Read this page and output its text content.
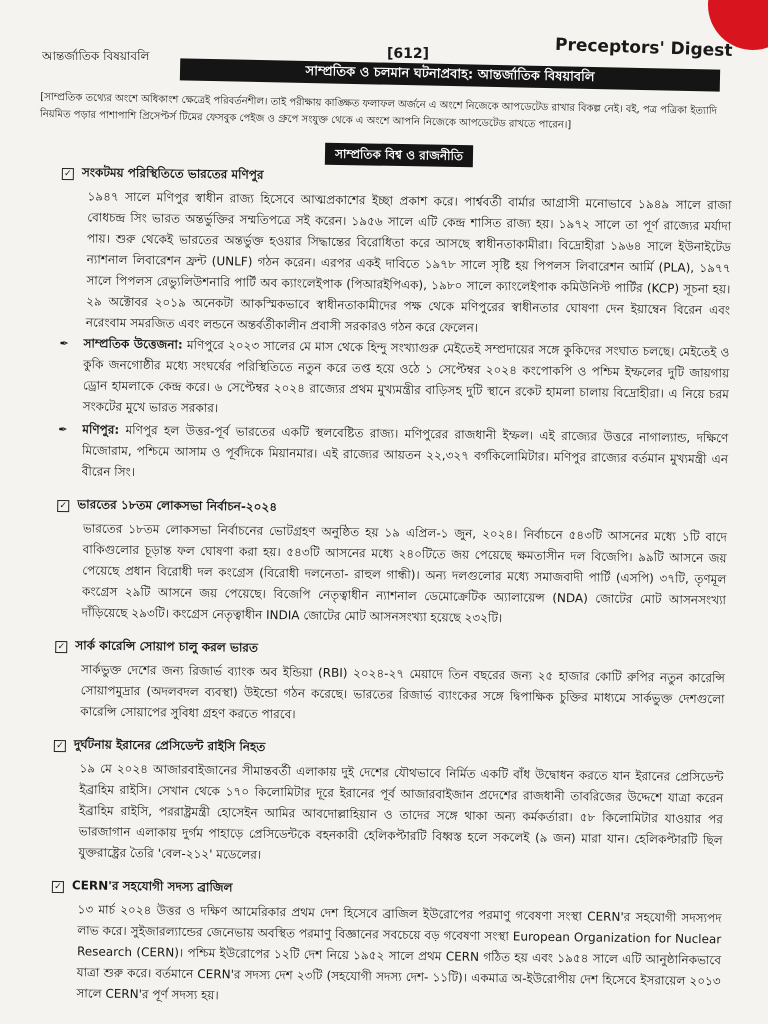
আন্তর্জাতিক বিষয়াবলি	[612]	Preceptors' Digest
সাম্প্রতিক ও চলমান ঘটনাপ্রবাহ: আন্তর্জাতিক বিষয়াবলি
[সাম্প্রতিক তথ্যের অংশে অধিকাংশ ক্ষেত্রেই পরিবর্তনশীল। তাই পরীক্ষায় কাঙ্ক্ষিত ফলাফল অর্জনে এ অংশে নিজেকে আপডেটেড রাখার বিকল্প নেই। বই, পত্র পত্রিকা ইত্যাদি নিয়মিত পড়ার পাশাপাশি প্রিসেপ্টর্স টিমের ফেসবুক পেইজ ও গ্রুপে সংযুক্ত থেকে এ অংশে আপনি নিজেকে আপডেটেড রাখতে পারেন।]
সাম্প্রতিক বিশ্ব ও রাজনীতি
✓ সংকটময় পরিস্থিতিতে ভারতের মণিপুর
১৯৪৭ সালে মণিপুর স্বাধীন রাজ্য হিসেবে আত্মপ্রকাশের ইচ্ছা প্রকাশ করে। পার্শ্ববর্তী বার্মার আগ্রাসী মনোভাবে ১৯৪৯ সালে রাজা বোধচন্দ্র সিং ভারত অন্তর্ভুক্তির সম্মতিপত্রে সই করেন। ১৯৫৬ সালে এটি কেন্দ্র শাসিত রাজ্য হয়। ১৯৭২ সালে তা পূর্ণ রাজ্যের মর্যাদা পায়। শুরু থেকেই ভারতের অন্তর্ভুক্ত হওয়ার সিদ্ধান্তের বিরোধিতা করে আসছে স্বাধীনতাকামীরা। বিদ্রোহীরা ১৯৬৪ সালে ইউনাইটেড ন্যাশনাল লিবারেশন ফ্রন্ট (UNLF) গঠন করেন। এরপর একই দাবিতে ১৯৭৮ সালে সৃষ্টি হয় পিপলস লিবারেশন আর্মি (PLA), ১৯৭৭ সালে পিপলস রেভ্যুলিউশনারি পার্টি অব ক্যাংলেইপাক (পিআরইপিএক), ১৯৮০ সালে ক্যাংলেইপাক কমিউনিস্ট পার্টির (KCP) সূচনা হয়। ২৯ অক্টোবর ২০১৯ অনেকটা আকস্মিকভাবে স্বাধীনতাকামীদের পক্ষ থেকে মণিপুরের স্বাধীনতার ঘোষণা দেন ইয়াম্বেন বিরেন এবং নরেংবাম সমরজিত এবং লন্ডনে অন্তর্বর্তীকালীন প্রবাসী সরকারও গঠন করে ফেলেন।
✒	সাম্প্রতিক উত্তেজনা: মণিপুরে ২০২৩ সালের মে মাস থেকে হিন্দু সংখ্যাগুরু মেইতেই সম্প্রদায়ের সঙ্গে কুকিদের সংঘাত চলছে। মেইতেই ও কুকি জনগোষ্ঠীর মধ্যে সংঘর্ষের পরিস্থিতিতে নতুন করে তপ্ত হয়ে ওঠে ১ সেপ্টেম্বর ২০২৪ কংপোকপি ও পশ্চিম ইম্ফলের দুটি জায়গায় ড্রোন হামলাকে কেন্দ্র করে। ৬ সেপ্টেম্বর ২০২৪ রাজ্যের প্রথম মুখ্যমন্ত্রীর বাড়িসহ দুটি স্থানে রকেট হামলা চালায় বিদ্রোহীরা। এ নিয়ে চরম সংকটের মুখে ভারত সরকার।
✒	মণিপুর: মণিপুর হল উত্তর-পূর্ব ভারতের একটি স্থলবেষ্টিত রাজ্য। মণিপুরের রাজধানী ইম্ফল। এই রাজ্যের উত্তরে নাগাল্যান্ড, দক্ষিণে মিজোরাম, পশ্চিমে আসাম ও পূর্বদিকে মিয়ানমার। এই রাজ্যের আয়তন ২২,৩২৭ বর্গকিলোমিটার। মণিপুর রাজ্যের বর্তমান মুখ্যমন্ত্রী এন বীরেন সিং।
✓ ভারতের ১৮তম লোকসভা নির্বাচন-২০২৪
ভারতের ১৮তম লোকসভা নির্বাচনের ভোটগ্রহণ অনুষ্ঠিত হয় ১৯ এপ্রিল-১ জুন, ২০২৪। নির্বাচনে ৫৪৩টি আসনের মধ্যে ১টি বাদে বাকিগুলোর চূড়ান্ত ফল ঘোষণা করা হয়। ৫৪৩টি আসনের মধ্যে ২৪০টিতে জয় পেয়েছে ক্ষমতাসীন দল বিজেপি। ৯৯টি আসনে জয় পেয়েছে প্রধান বিরোধী দল কংগ্রেস (বিরোধী দলনেতা- রাহুল গান্ধী)। অন্য দলগুলোর মধ্যে সমাজবাদী পার্টি (এসপি) ৩৭টি, তৃণমূল কংগ্রেস ২৯টি আসনে জয় পেয়েছে। বিজেপি নেতৃত্বাধীন ন্যাশনাল ডেমোক্রেটিক অ্যালায়েন্স (NDA) জোটের মোট আসনসংখ্যা দাঁড়িয়েছে ২৯৩টি। কংগ্রেস নেতৃত্বাধীন INDIA জোটের মোট আসনসংখ্যা হয়েছে ২৩২টি।
✓ সার্ক কারেন্সি সোয়াপ চালু করল ভারত
সার্কভুক্ত দেশের জন্য রিজার্ভ ব্যাংক অব ইন্ডিয়া (RBI) ২০২৪-২৭ মেয়াদে তিন বছরের জন্য ২৫ হাজার কোটি রুপির নতুন কারেন্সি সোয়াপমুদ্রার (অদলবদল ব্যবস্থা) উইন্ডো গঠন করেছে। ভারতের রিজার্ভ ব্যাংকের সঙ্গে দ্বিপাক্ষিক চুক্তির মাধ্যমে সার্কভুক্ত দেশগুলো কারেন্সি সোয়াপের সুবিধা গ্রহণ করতে পারবে।
✓ দুর্ঘটনায় ইরানের প্রেসিডেন্ট রাইসি নিহত
১৯ মে ২০২৪ আজারবাইজানের সীমান্তবর্তী এলাকায় দুই দেশের যৌথভাবে নির্মিত একটি বাঁধ উদ্বোধন করতে যান ইরানের প্রেসিডেন্ট ইব্রাহিম রাইসি। সেখান থেকে ১৭০ কিলোমিটার দূরে ইরানের পূর্ব আজারবাইজান প্রদেশের রাজধানী তাবরিজের উদ্দেশে যাত্রা করেন ইব্রাহিম রাইসি, পররাষ্ট্রমন্ত্রী হোসেইন আমির আবদোল্লাহিয়ান ও তাদের সঙ্গে থাকা অন্য কর্মকর্তারা। ৫৮ কিলোমিটার যাওয়ার পর ভারজাগান এলাকায় দুর্গম পাহাড়ে প্রেসিডেন্টকে বহনকারী হেলিকপ্টারটি বিধ্বস্ত হলে সকলেই (৯ জন) মারা যান। হেলিকপ্টারটি ছিল যুক্তরাষ্ট্রের তৈরি 'বেল-২১২' মডেলের।
✓ CERN'র সহযোগী সদস্য ব্রাজিল
১৩ মার্চ ২০২৪ উত্তর ও দক্ষিণ আমেরিকার প্রথম দেশ হিসেবে ব্রাজিল ইউরোপের পরমাণু গবেষণা সংস্থা CERN'র সহযোগী সদস্যপদ লাভ করে। সুইজারল্যান্ডের জেনেভায় অবস্থিত পরমাণু বিজ্ঞানের সবচেয়ে বড় গবেষণা সংস্থা European Organization for Nuclear Research (CERN)। পশ্চিম ইউরোপের ১২টি দেশ নিয়ে ১৯৫২ সালে প্রথম CERN গঠিত হয় এবং ১৯৫৪ সালে এটি আনুষ্ঠানিকভাবে যাত্রা শুরু করে। বর্তমানে CERN'র সদস্য দেশ ২৩টি (সহযোগী সদস্য দেশ- ১১টি)। একমাত্র অ-ইউরোপীয় দেশ হিসেবে ইসরায়েল ২০১৩ সালে CERN'র পূর্ণ সদস্য হয়।
